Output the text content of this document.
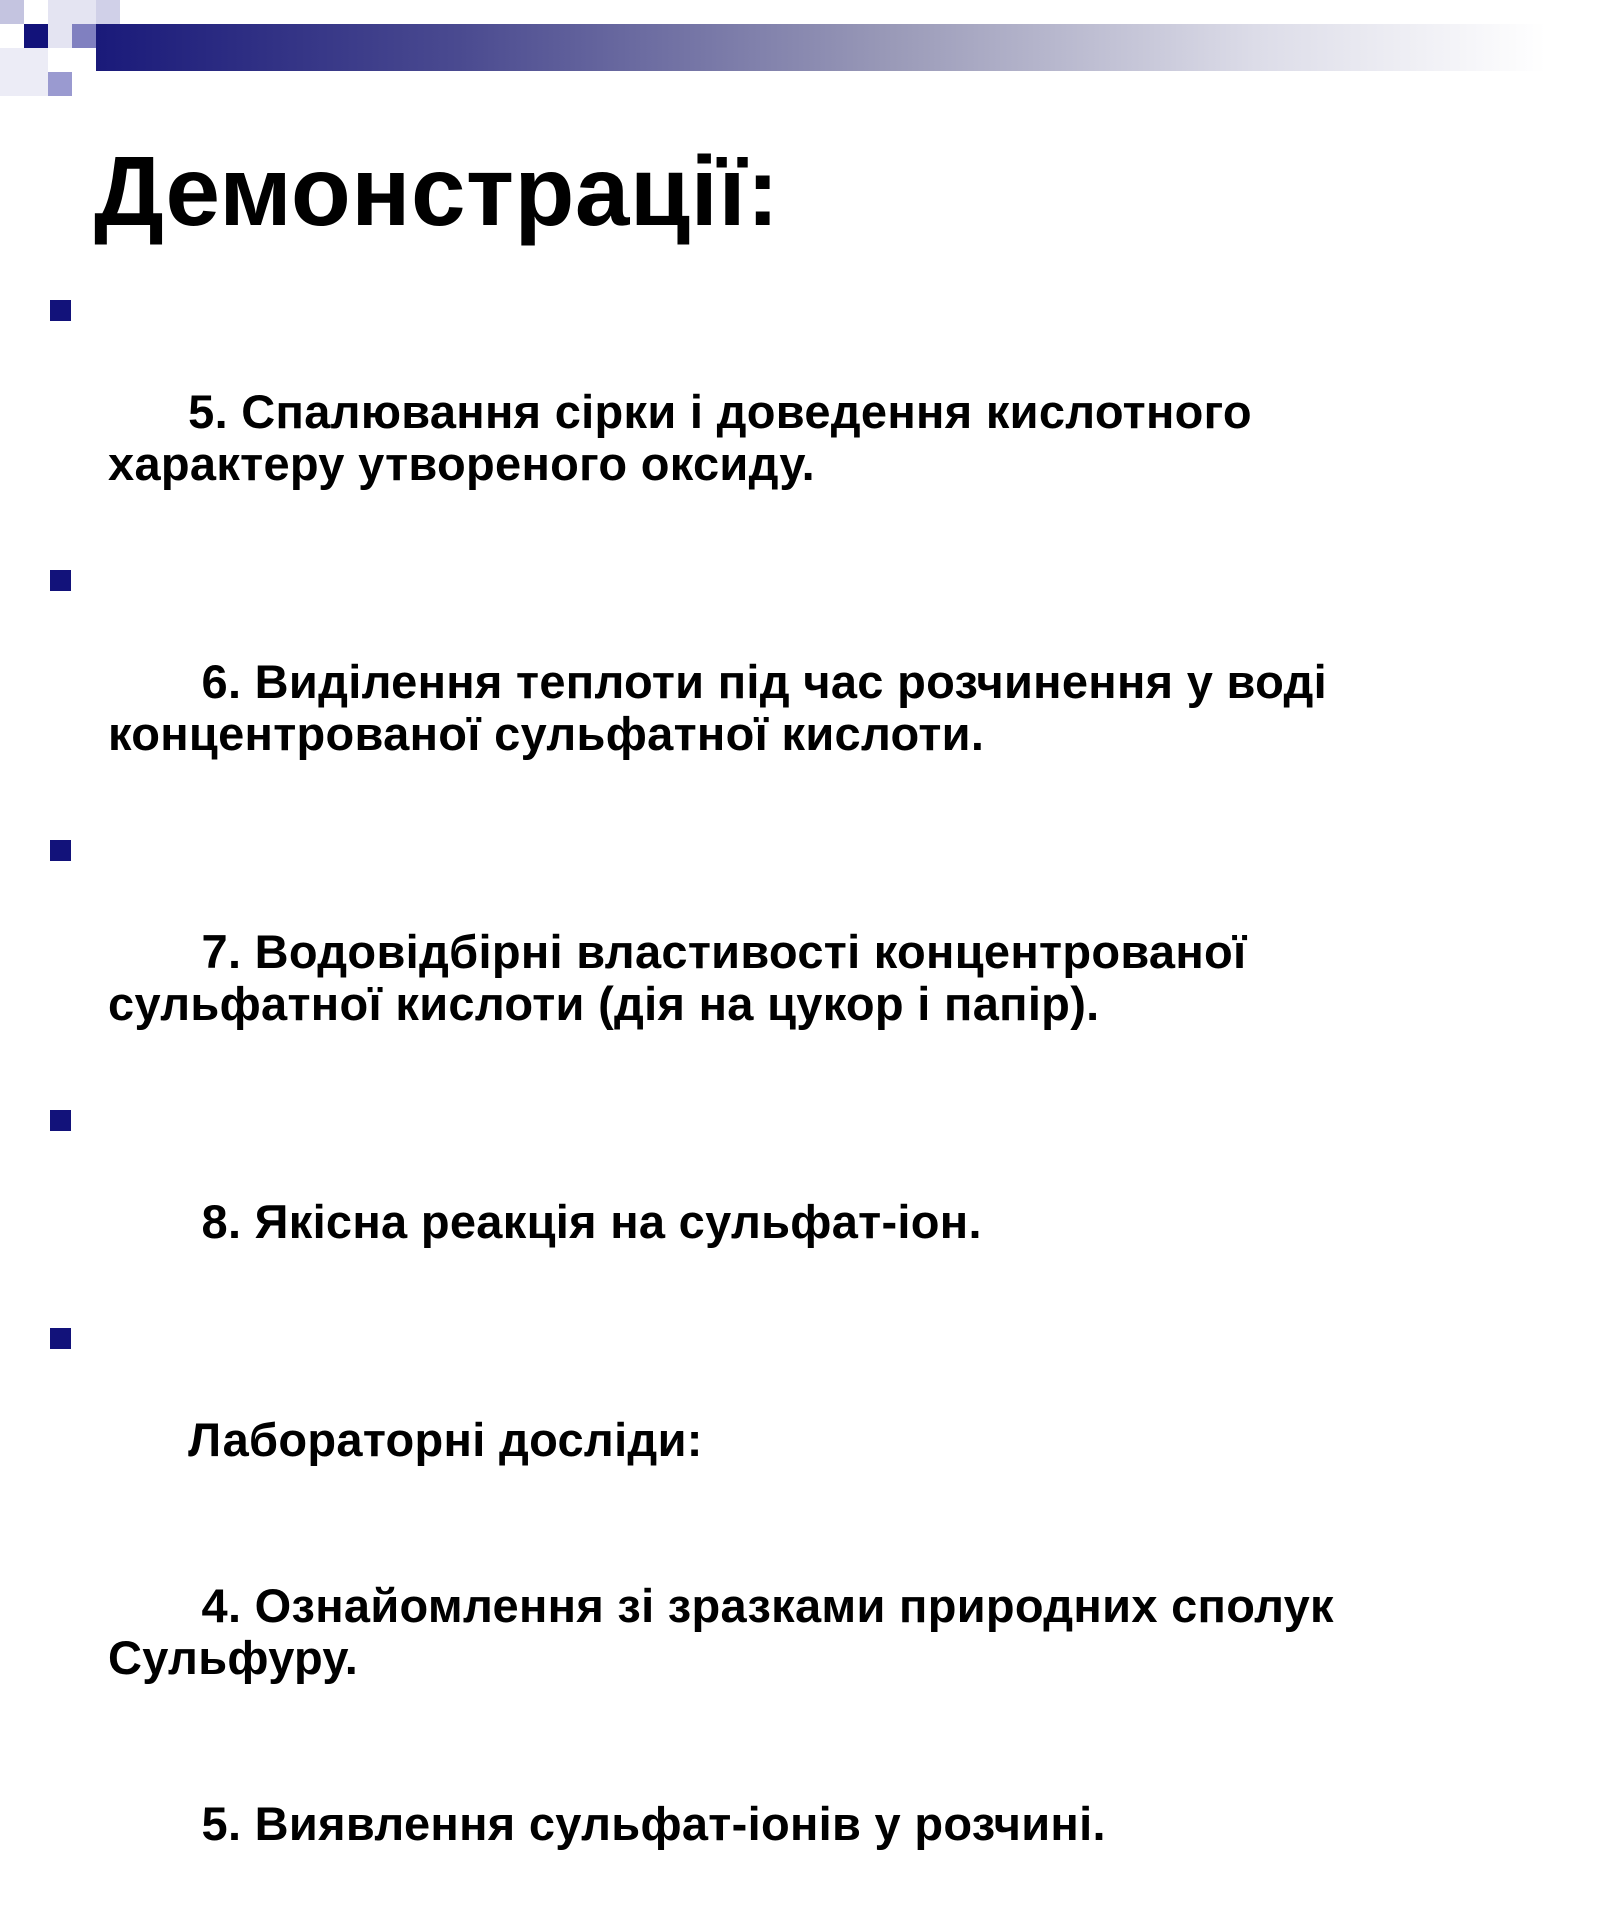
Демонстрації:

5. Спалювання сірки і доведення кислотного характеру утвореного оксиду.

6. Виділення теплоти під час розчинення у воді концентрованої сульфатної кислоти.

7. Водовідбірні властивості концентрованої сульфатної кислоти (дія на цукор і папір).

8. Якісна реакція на сульфат-іон.

Лабораторні досліди:

4. Ознайомлення зі зразками природних сполук Сульфуру.

5. Виявлення сульфат-іонів у розчині.
